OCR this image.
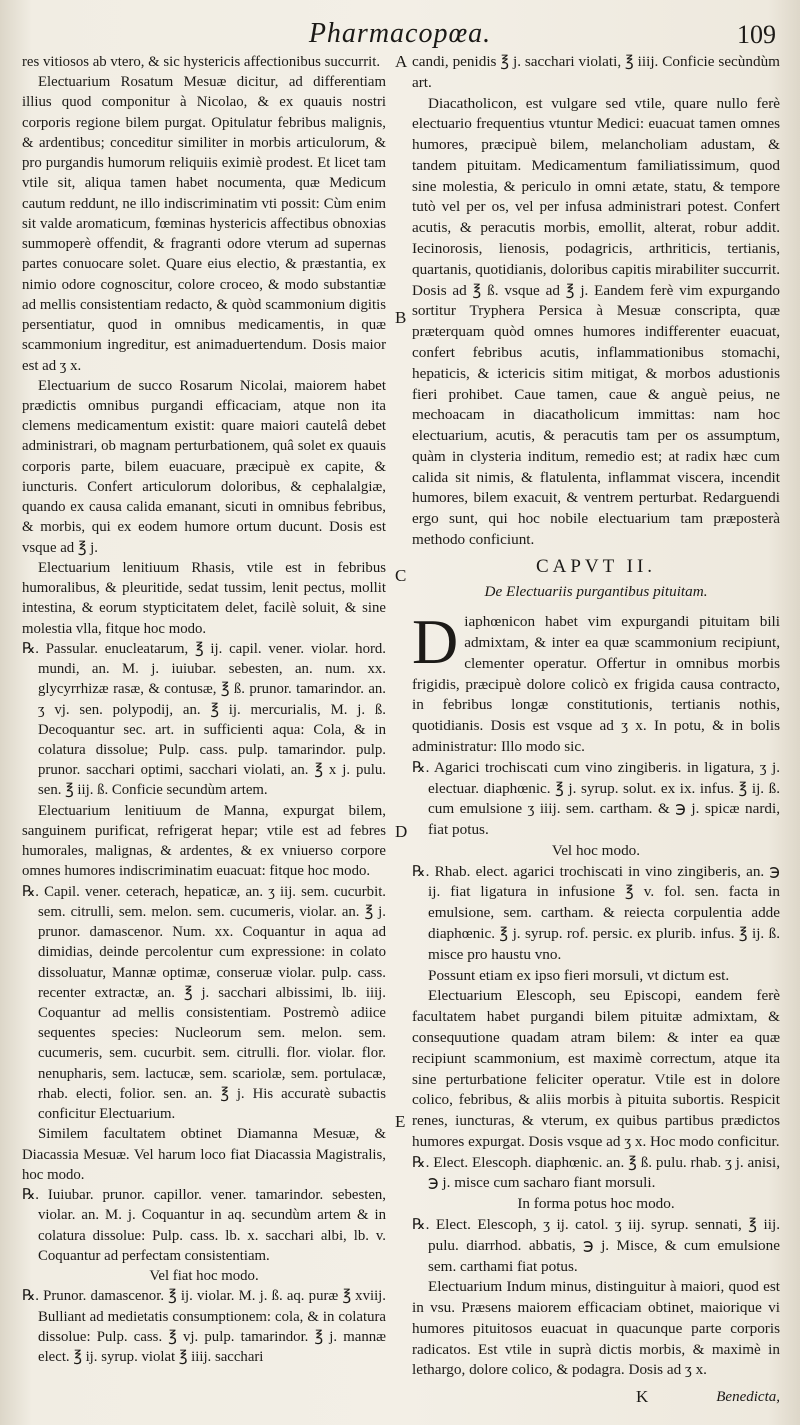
Pharmacopœa.	109

res vitiosos ab vtero, & sic hystericis affectionibus succurrit.

Electuarium Rosatum Mesuæ dicitur, ad differentiam illius quod componitur à Nicolao, & ex quauis nostri corporis regione bilem purgat. Opitulatur febribus malignis, & ardentibus; conceditur similiter in morbis articulorum, & pro purgandis humorum reliquiis eximiè prodest. Et licet tam vtile sit, aliqua tamen habet nocumenta, quæ Medicum cautum reddunt, ne illo indiscriminatim vti possit: Cùm enim sit valde aromaticum, fœminas hystericis affectibus obnoxias summoperè offendit, & fragranti odore vterum ad supernas partes conuocare solet. Quare eius electio, & præstantia, ex nimio odore cognoscitur, colore croceo, & modo substantiæ ad mellis consistentiam redacto, & quòd scammonium digitis persentiatur, quod in omnibus medicamentis, in quæ scammonium ingreditur, est animaduertendum. Dosis maior est ad ʒ x.

Electuarium de succo Rosarum Nicolai, maiorem habet prædictis omnibus purgandi efficaciam, atque non ita clemens medicamentum existit: quare maiori cautelâ debet administrari, ob magnam perturbationem, quâ solet ex quauis corporis parte, bilem euacuare, præcipuè ex capite, & iuncturis. Confert articulorum doloribus, & cephalalgiæ, quando ex causa calida emanant, sicuti in omnibus febribus, & morbis, qui ex eodem humore ortum ducunt. Dosis est vsque ad ℥ j.

Electuarium lenitiuum Rhasis, vtile est in febribus humoralibus, & pleuritide, sedat tussim, lenit pectus, mollit intestina, & eorum stypticitatem delet, facilè soluit, & sine molestia vlla, fitque hoc modo.

℞. Passular. enucleatarum, ℥ ij. capil. vener. violar. hord. mundi, an. M. j. iuiubar. sebesten, an. num. xx. glycyrrhizæ rasæ, & contusæ, ℥ ß. prunor. tamarindor. an. ʒ vj. sen. polypodij, an. ℥ ij. mercurialis, M. j. ß. Decoquantur sec. art. in sufficienti aqua: Cola, & in colatura dissolue; Pulp. cass. pulp. tamarindor. pulp. prunor. sacchari optimi, sacchari violati, an. ℥ x j. pulu. sen. ℥ iij. ß. Conficie secundùm artem.

Electuarium lenitiuum de Manna, expurgat bilem, sanguinem purificat, refrigerat hepar; vtile est ad febres humorales, malignas, & ardentes, & ex vniuerso corpore omnes humores indiscriminatim euacuat: fitque hoc modo.

℞. Capil. vener. ceterach, hepaticæ, an. ʒ iij. sem. cucurbit. sem. citrulli, sem. melon. sem. cucumeris, violar. an. ℥ j. prunor. damascenor. Num. xx. Coquantur in aqua ad dimidias, deinde percolentur cum expressione: in colato dissoluatur, Mannæ optimæ, conseruæ violar. pulp. cass. recenter extractæ, an. ℥ j. sacchari albissimi, lb. iiij. Coquantur ad mellis consistentiam. Postremò adiice sequentes species: Nucleorum sem. melon. sem. cucumeris, sem. cucurbit. sem. citrulli. flor. violar. flor. nenupharis, sem. lactucæ, sem. scariolæ, sem. portulacæ, rhab. electi, folior. sen. an. ℥ j. His accuratè subactis conficitur Electuarium.

Similem facultatem obtinet Diamanna Mesuæ, & Diacassia Mesuæ. Vel harum loco fiat Diacassia Magistralis, hoc modo.

℞. Iuiubar. prunor. capillor. vener. tamarindor. sebesten, violar. an. M. j. Coquantur in aq. secundùm artem & in colatura dissolue: Pulp. cass. lb. x. sacchari albi, lb. v. Coquantur ad perfectam consistentiam.

Vel fiat hoc modo.

℞. Prunor. damascenor. ℥ ij. violar. M. j. ß. aq. puræ ℥ xviij. Bulliant ad medietatis consumptionem: cola, & in colatura dissolue: Pulp. cass. ℥ vj. pulp. tamarindor. ℥ j. mannæ elect. ℥ ij. syrup. violat ℥ iiij. sacchari

A
B
C
D
E

candi, penidis ℥ j. sacchari violati, ℥ iiij. Conficie secùndùm art.

Diacatholicon, est vulgare sed vtile, quare nullo ferè electuario frequentius vtuntur Medici: euacuat tamen omnes humores, præcipuè bilem, melancholiam adustam, & tandem pituitam. Medicamentum familiatissimum, quod sine molestia, & periculo in omni ætate, statu, & tempore tutò vel per os, vel per infusa administrari potest. Confert acutis, & peracutis morbis, emollit, alterat, robur addit. Iecinorosis, lienosis, podagricis, arthriticis, tertianis, quartanis, quotidianis, doloribus capitis mirabiliter succurrit. Dosis ad ℥ ß. vsque ad ℥ j. Eandem ferè vim expurgando sortitur Tryphera Persica à Mesuæ conscripta, quæ præterquam quòd omnes humores indifferenter euacuat, confert febribus acutis, inflammationibus stomachi, hepaticis, & ictericis sitim mitigat, & morbos adustionis fieri prohibet. Caue tamen, caue & anguè peius, ne mechoacam in diacatholicum immittas: nam hoc electuarium, acutis, & peracutis tam per os assumptum, quàm in clysteria inditum, remedio est; at radix hæc cum calida sit nimis, & flatulenta, inflammat viscera, incendit humores, bilem exacuit, & ventrem perturbat. Redarguendi ergo sunt, qui hoc nobile electuarium tam præposterà methodo conficiunt.

CAPVT II.

De Electuariis purgantibus pituitam.

Diaphœnicon habet vim expurgandi pituitam bili admixtam, & inter ea quæ scammonium recipiunt, clementer operatur. Offertur in omnibus morbis frigidis, præcipuè dolore colicò ex frigida causa contracto, in febribus longæ constitutionis, tertianis nothis, quotidianis. Dosis est vsque ad ʒ x. In potu, & in bolis administratur: Illo modo sic.

℞. Agarici trochiscati cum vino zingiberis. in ligatura, ʒ j. electuar. diaphœnic. ℥ j. syrup. solut. ex ix. infus. ℥ ij. ß. cum emulsione ʒ iiij. sem. cartham. & ℈ j. spicæ nardi, fiat potus.

Vel hoc modo.

℞. Rhab. elect. agarici trochiscati in vino zingiberis, an. ℈ ij. fiat ligatura in infusione ℥ v. fol. sen. facta in emulsione, sem. cartham. & reiecta corpulentia adde diaphœnic. ℥ j. syrup. rof. persic. ex plurib. infus. ℥ ij. ß. misce pro haustu vno.

Possunt etiam ex ipso fieri morsuli, vt dictum est.

Electuarium Elescoph, seu Episcopi, eandem ferè facultatem habet purgandi bilem pituitæ admixtam, & consequutione quadam atram bilem: & inter ea quæ recipiunt scammonium, est maximè correctum, atque ita sine perturbatione feliciter operatur. Vtile est in dolore colico, febribus, & aliis morbis à pituita subortis. Respicit renes, iuncturas, & vterum, ex quibus partibus prædictos humores expurgat. Dosis vsque ad ʒ x. Hoc modo conficitur.

℞. Elect. Elescoph. diaphœnic. an. ℥ ß. pulu. rhab. ʒ j. anisi, ℈ j. misce cum sacharo fiant morsuli.

In forma potus hoc modo.

℞. Elect. Elescoph, ʒ ij. catol. ʒ iij. syrup. sennati, ℥ iij. pulu. diarrhod. abbatis, ℈ j. Misce, & cum emulsione sem. carthami fiat potus.

Electuarium Indum minus, distinguitur à maiori, quod est in vsu. Præsens maiorem efficaciam obtinet, maiorique vi humores pituitosos euacuat in quacunque parte corporis radicatos. Est vtile in suprà dictis morbis, & maximè in lethargo, dolore colico, & podagra. Dosis ad ʒ x.

K	Benedicta,
